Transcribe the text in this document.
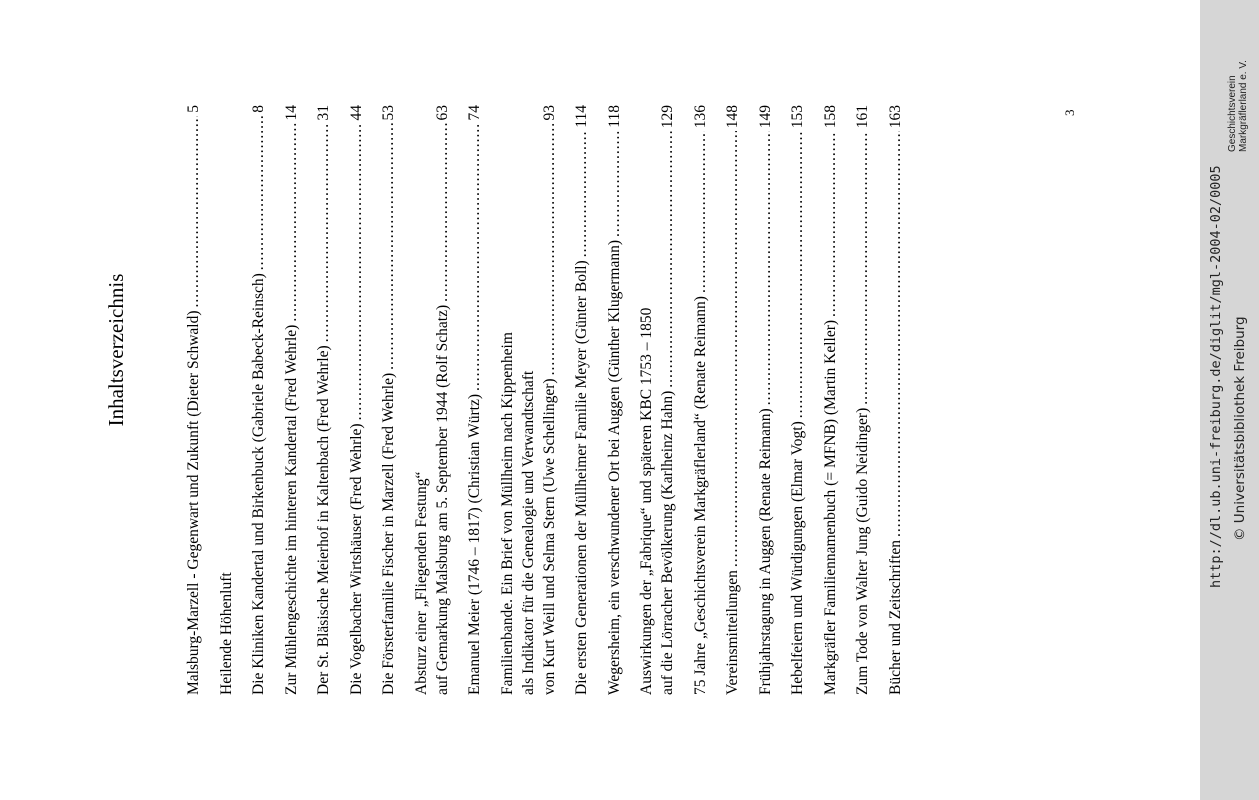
Inhaltsverzeichnis	Malsburg-Marzell - Gegenwart und Zukunft (Dieter Schwald)
.....
5
Heilende Höhenluft Die Kliniken Kandertal und Birkenbuck (Gabriele Babeck-Reinsch)
.....
8
Zur Mühlengeschichte im hinteren Kandertal (Fred Wehrle)
.....
14
Der St. Bläsische Meierhof in Kaltenbach (Fred Wehrle)
.....
31
Die Vogelbacher Wirtshäuser (Fred Wehrle)
.....
44
Die Försterfamilie Fischer in Marzell (Fred Wehrle)
.....
53
Absturz einer „Fliegenden Festung“ auf Gemarkung Malsburg am 5. September 1944 (Rolf Schatz)
.....
63
Emanuel Meier (1746 – 1817) (Christian Würtz)
.....
74
Familienbande. Ein Brief von Müllheim nach Kippenheim als Indikator für die Genealogie und Verwandtschaft von Kurt Weill und Selma Stern (Uwe Schellinger)
.....
93
Die ersten Generationen der Müllheimer Familie Meyer (Günter Boll)
.....
114
Wegersheim, ein verschwundener Ort bei Auggen (Günther Klugermann)
.....
118
Auswirkungen der „Fabrique“ und späteren KBC 1753 – 1850 auf die Lörracher Bevölkerung (Karlheinz Hahn)
.....
129
75 Jahre „Geschichtsverein Markgräflerland“ (Renate Reimann)
.....
136
Vereinsmitteilungen
.....
148
Frühjahrstagung in Auggen (Renate Reimann)
.....
149
Hebelfeiern und Würdigungen (Elmar Vogt)
.....
153
Markgräfler Familiennamenbuch (= MFNB) (Martin Keller)
.....
158
Zum Tode von Walter Jung (Guido Neidinger)
.....
161
Bücher und Zeitschriften
.....
163	3
http://dl.ub.uni-freiburg.de/diglit/mgl-2004-02/0005 © Universitätsbibliothek Freiburg
Geschichtsverein Markgräflerland e. V.
